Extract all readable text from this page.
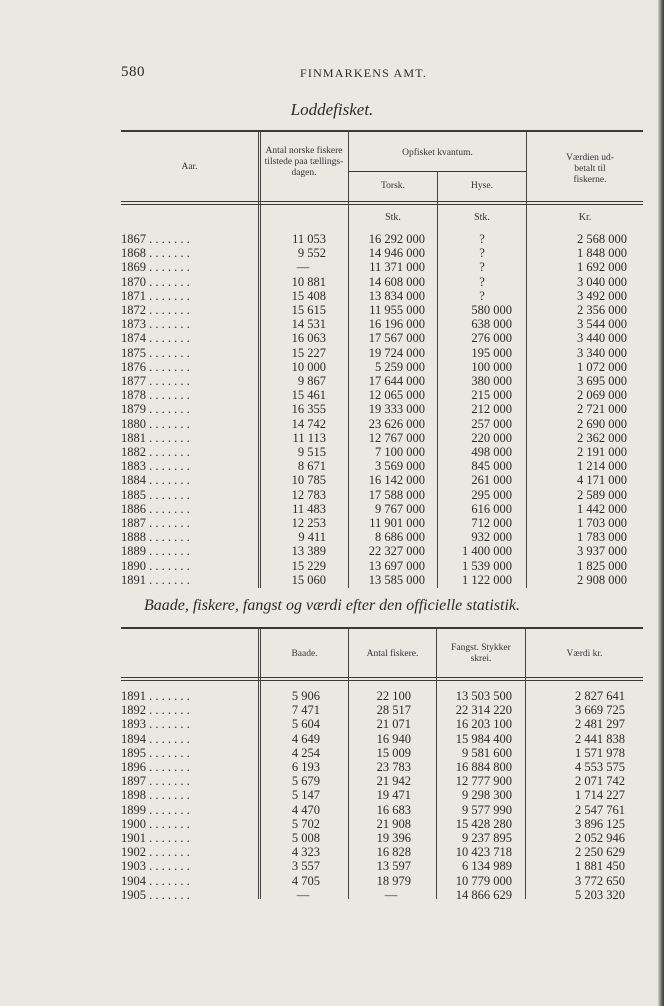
580	FINMARKENS AMT.
Loddefisket.
Aar.
Antal norske fiskere tilstede paa tællings-dagen.
Opfisket kvantum.
Torsk.	Hyse.
Værdien ud-betalt til fiskerne.
Stk.	Stk.	Kr.
1867 . . . . . . .	11 053	16 292 000	?	2 568 000
1868 . . . . . . .	9 552	14 946 000	?	1 848 000
1869 . . . . . . .	—	11 371 000	?	1 692 000
1870 . . . . . . .	10 881	14 608 000	?	3 040 000
1871 . . . . . . .	15 408	13 834 000	?	3 492 000
1872 . . . . . . .	15 615	11 955 000	580 000	2 356 000
1873 . . . . . . .	14 531	16 196 000	638 000	3 544 000
1874 . . . . . . .	16 063	17 567 000	276 000	3 440 000
1875 . . . . . . .	15 227	19 724 000	195 000	3 340 000
1876 . . . . . . .	10 000	5 259 000	100 000	1 072 000
1877 . . . . . . .	9 867	17 644 000	380 000	3 695 000
1878 . . . . . . .	15 461	12 065 000	215 000	2 069 000
1879 . . . . . . .	16 355	19 333 000	212 000	2 721 000
1880 . . . . . . .	14 742	23 626 000	257 000	2 690 000
1881 . . . . . . .	11 113	12 767 000	220 000	2 362 000
1882 . . . . . . .	9 515	7 100 000	498 000	2 191 000
1883 . . . . . . .	8 671	3 569 000	845 000	1 214 000
1884 . . . . . . .	10 785	16 142 000	261 000	4 171 000
1885 . . . . . . .	12 783	17 588 000	295 000	2 589 000
1886 . . . . . . .	11 483	9 767 000	616 000	1 442 000
1887 . . . . . . .	12 253	11 901 000	712 000	1 703 000
1888 . . . . . . .	9 411	8 686 000	932 000	1 783 000
1889 . . . . . . .	13 389	22 327 000	1 400 000	3 937 000
1890 . . . . . . .	15 229	13 697 000	1 539 000	1 825 000
1891 . . . . . . .	15 060	13 585 000	1 122 000	2 908 000
Baade, fiskere, fangst og værdi efter den officielle statistik.
Baade.	Antal fiskere.
Fangst. Stykker skrei.	Værdi kr.
1891 . . . . . . .	5 906	22 100	13 503 500	2 827 641
1892 . . . . . . .	7 471	28 517	22 314 220	3 669 725
1893 . . . . . . .	5 604	21 071	16 203 100	2 481 297
1894 . . . . . . .	4 649	16 940	15 984 400	2 441 838
1895 . . . . . . .	4 254	15 009	9 581 600	1 571 978
1896 . . . . . . .	6 193	23 783	16 884 800	4 553 575
1897 . . . . . . .	5 679	21 942	12 777 900	2 071 742
1898 . . . . . . .	5 147	19 471	9 298 300	1 714 227
1899 . . . . . . .	4 470	16 683	9 577 990	2 547 761
1900 . . . . . . .	5 702	21 908	15 428 280	3 896 125
1901 . . . . . . .	5 008	19 396	9 237 895	2 052 946
1902 . . . . . . .	4 323	16 828	10 423 718	2 250 629
1903 . . . . . . .	3 557	13 597	6 134 989	1 881 450
1904 . . . . . . .	4 705	18 979	10 779 000	3 772 650
1905 . . . . . . .	—	—	14 866 629	5 203 320
